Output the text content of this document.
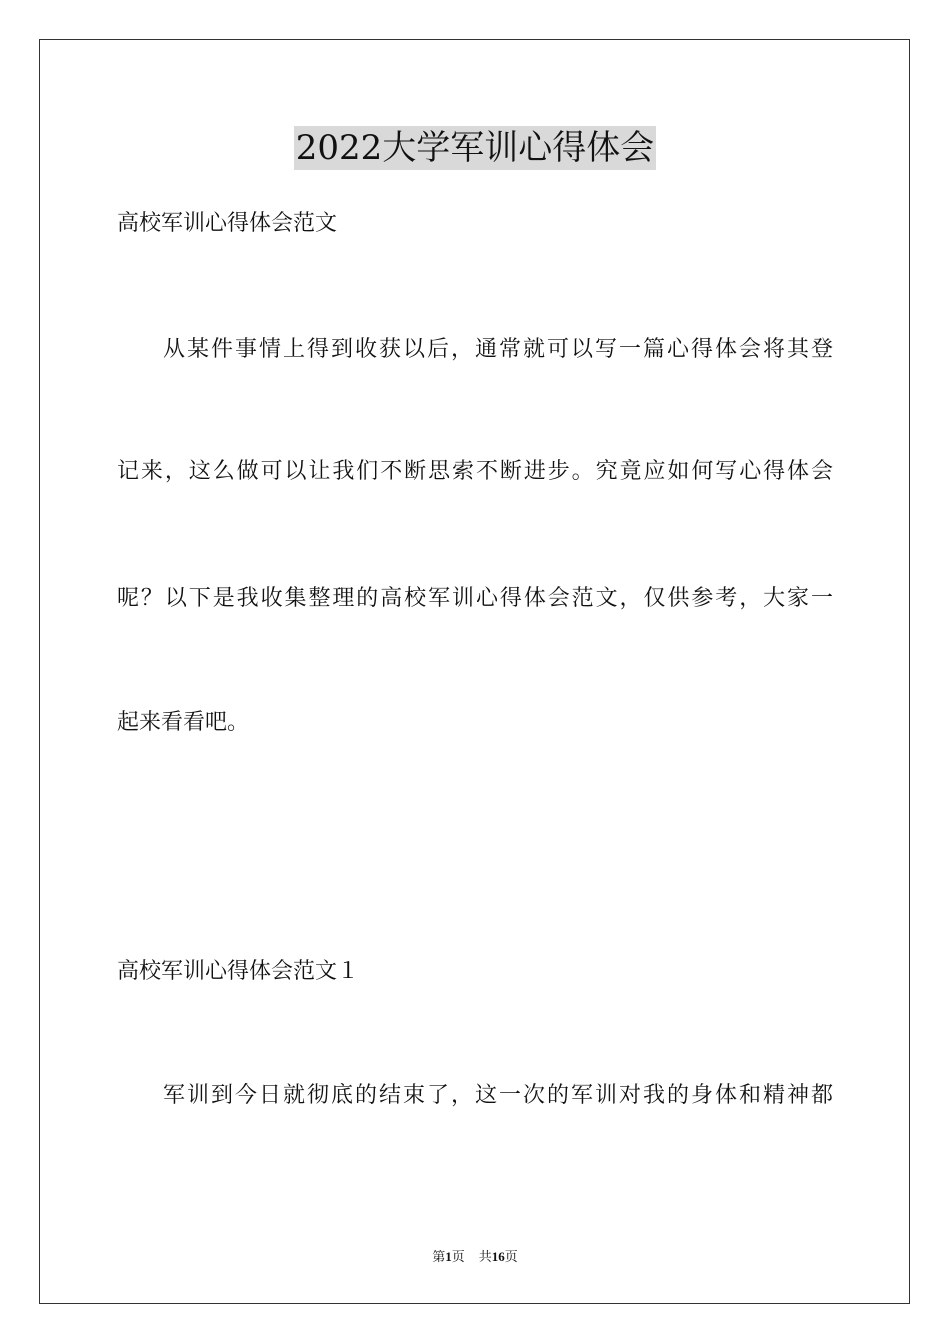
2022大学军训心得体会
高校军训心得体会范文
从某件事情上得到收获以后，通常就可以写一篇心得体会将其登
记来，这么做可以让我们不断思索不断进步。究竟应如何写心得体会
呢？以下是我收集整理的高校军训心得体会范文，仅供参考，大家一
起来看看吧。
高校军训心得体会范文１
军训到今日就彻底的结束了，这一次的军训对我的身体和精神都
第1页 共16页
